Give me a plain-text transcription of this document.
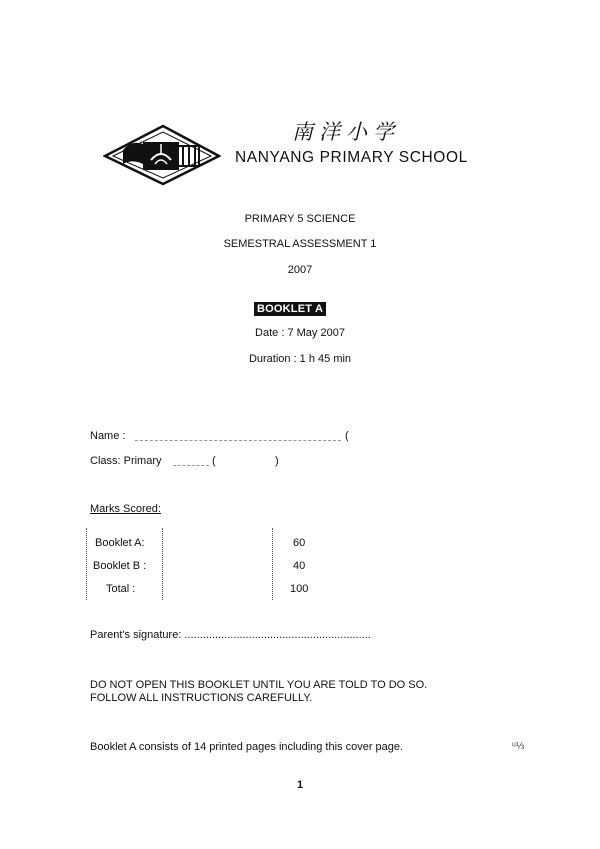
南洋小学
NANYANG PRIMARY SCHOOL
PRIMARY 5 SCIENCE
SEMESTRAL ASSESSMENT 1
2007
BOOKLET A
Date : 7 May 2007
Duration : 1 h 45 min
Name :	(
Class: Primary	(	)
Marks Scored:
Booklet A:	60
Booklet B :	40
Total :	100
Parent's signature: .............................................................
DO NOT OPEN THIS BOOKLET UNTIL YOU ARE TOLD TO DO SO.
FOLLOW ALL INSTRUCTIONS CAREFULLY.
Booklet A consists of 14 printed pages including this cover page.	ᵘ⅓
1
